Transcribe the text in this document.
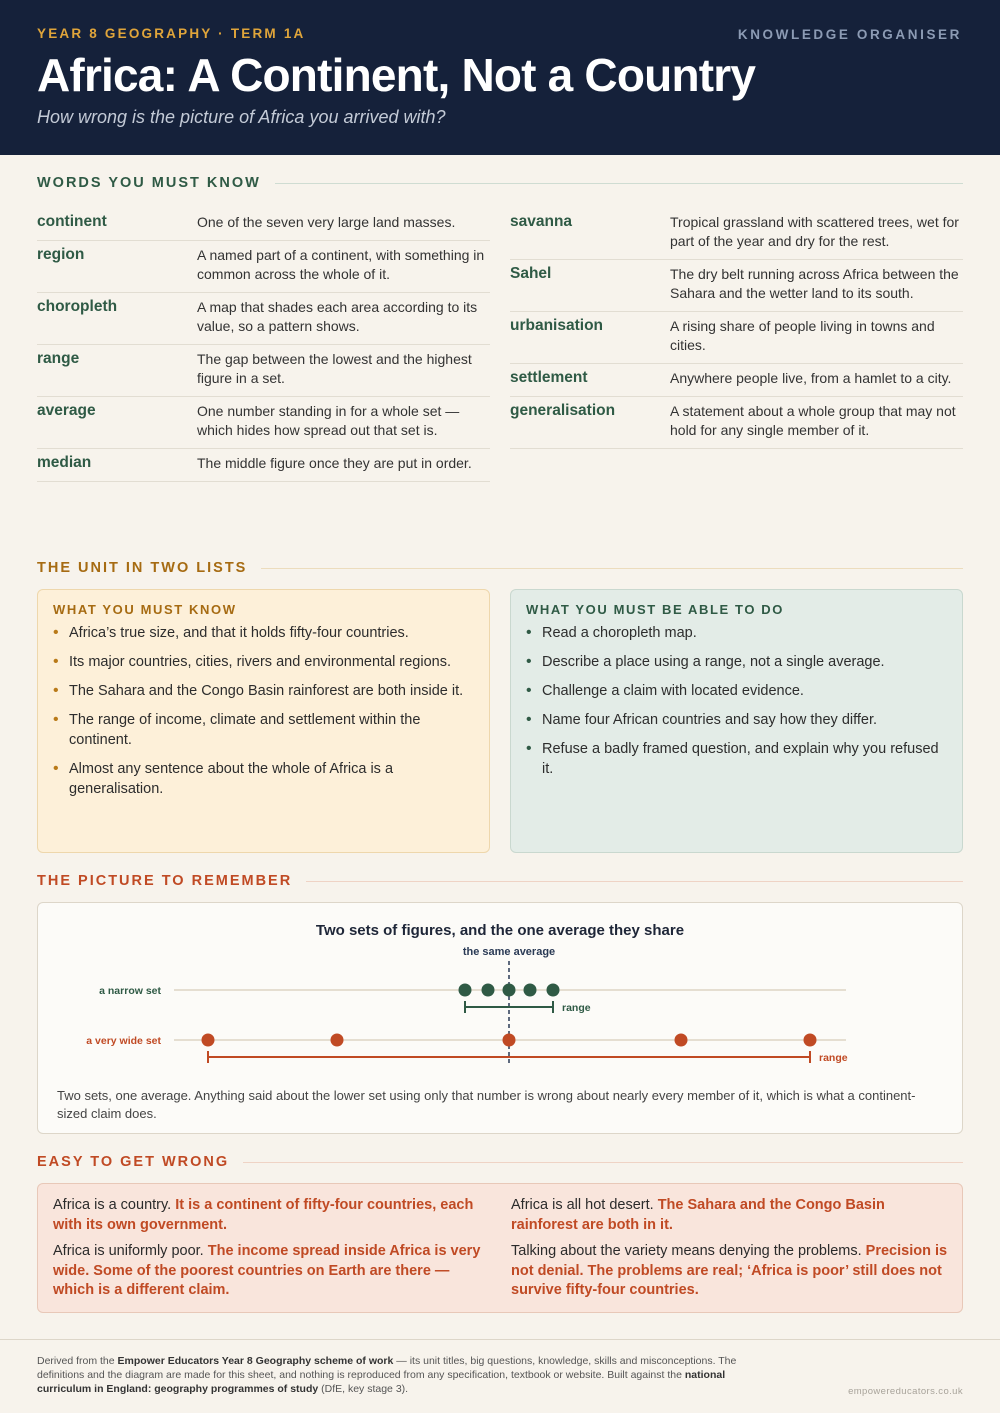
YEAR 8 GEOGRAPHY · TERM 1A	KNOWLEDGE ORGANISER
Africa: A Continent, Not a Country
How wrong is the picture of Africa you arrived with?
WORDS YOU MUST KNOW
continent	One of the seven very large land masses.
region	A named part of a continent, with something in common across the whole of it.
choropleth	A map that shades each area according to its value, so a pattern shows.
range	The gap between the lowest and the highest figure in a set.
average	One number standing in for a whole set — which hides how spread out that set is.
median	The middle figure once they are put in order.
savanna	Tropical grassland with scattered trees, wet for part of the year and dry for the rest.
Sahel	The dry belt running across Africa between the Sahara and the wetter land to its south.
urbanisation	A rising share of people living in towns and cities.
settlement	Anywhere people live, from a hamlet to a city.
generalisation	A statement about a whole group that may not hold for any single member of it.
THE UNIT IN TWO LISTS
WHAT YOU MUST KNOW
• Africa’s true size, and that it holds fifty-four countries.
• Its major countries, cities, rivers and environmental regions.
• The Sahara and the Congo Basin rainforest are both inside it.
• The range of income, climate and settlement within the continent.
• Almost any sentence about the whole of Africa is a generalisation.
WHAT YOU MUST BE ABLE TO DO
• Read a choropleth map.
• Describe a place using a range, not a single average.
• Challenge a claim with located evidence.
• Name four African countries and say how they differ.
• Refuse a badly framed question, and explain why you refused it.
THE PICTURE TO REMEMBER
Two sets of figures, and the one average they share
the same average
a narrow set
range
a very wide set
range
Two sets, one average. Anything said about the lower set using only that number is wrong about nearly every member of it, which is what a continent-sized claim does.
EASY TO GET WRONG
Africa is a country. It is a continent of fifty-four countries, each with its own government.
Africa is uniformly poor. The income spread inside Africa is very wide. Some of the poorest countries on Earth are there — which is a different claim.
Africa is all hot desert. The Sahara and the Congo Basin rainforest are both in it.
Talking about the variety means denying the problems. Precision is not denial. The problems are real; ‘Africa is poor’ still does not survive fifty-four countries.
Derived from the Empower Educators Year 8 Geography scheme of work — its unit titles, big questions, knowledge, skills and misconceptions. The definitions and the diagram are made for this sheet, and nothing is reproduced from any specification, textbook or website. Built against the national curriculum in England: geography programmes of study (DfE, key stage 3).	empowereducators.co.uk
